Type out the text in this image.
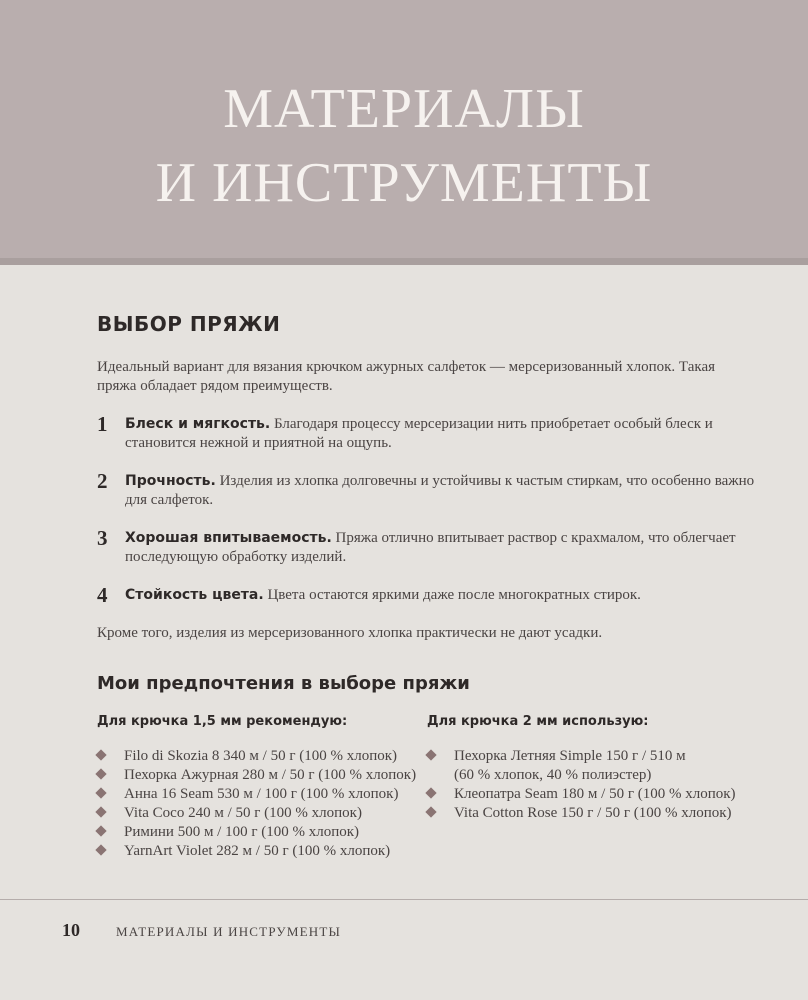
МАТЕРИАЛЫ
И ИНСТРУМЕНТЫ
ВЫБОР ПРЯЖИ

Идеальный вариант для вязания крючком ажурных салфеток — мерсеризованный хлопок. Такая пряжа обладает рядом преимуществ.

1 Блеск и мягкость. Благодаря процессу мерсеризации нить приобретает особый блеск и становится нежной и приятной на ощупь.
2 Прочность. Изделия из хлопка долговечны и устойчивы к частым стиркам, что особенно важно для салфеток.
3 Хорошая впитываемость. Пряжа отлично впитывает раствор с крахмалом, что облегчает последующую обработку изделий.
4 Стойкость цвета. Цвета остаются яркими даже после многократных стирок.

Кроме того, изделия из мерсеризованного хлопка практически не дают усадки.

Мои предпочтения в выборе пряжи
Для крючка 1,5 мм рекомендую:
Filo di Skozia 8 340 м / 50 г (100 % хлопок)
Пехорка Ажурная 280 м / 50 г (100 % хлопок)
Анна 16 Seam 530 м / 100 г (100 % хлопок)
Vita Coco 240 м / 50 г (100 % хлопок)
Римини 500 м / 100 г (100 % хлопок)
YarnArt Violet 282 м / 50 г (100 % хлопок)
Для крючка 2 мм использую:
Пехорка Летняя Simple 150 г / 510 м
(60 % хлопок, 40 % полиэстер)
Клеопатра Seam 180 м / 50 г (100 % хлопок)
Vita Cotton Rose 150 г / 50 г (100 % хлопок)
10	МАТЕРИАЛЫ И ИНСТРУМЕНТЫ
